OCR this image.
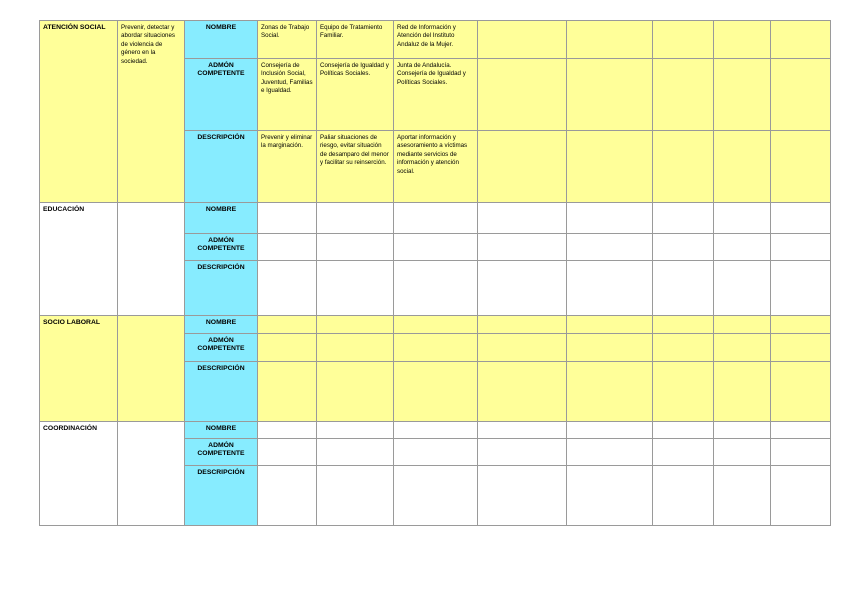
ATENCIÓN SOCIAL	Prevenir, detectar y abordar situaciones de violencia de género en la sociedad.	NOMBRE	Zonas de Trabajo Social.	Equipo de Tratamiento Familiar.	Red de Información y Atención del Instituto Andaluz de la Mujer.					
		ADMÓN COMPETENTE	Consejería de Inclusión Social, Juventud, Familias e Igualdad.	Consejería de Igualdad y Políticas Sociales.	Junta de Andalucía. Consejería de Igualdad y Políticas Sociales.					
		DESCRIPCIÓN	Prevenir y eliminar la marginación.	Paliar situaciones de riesgo, evitar situación de desamparo del menor y facilitar su reinserción.	Aportar información y asesoramiento a víctimas mediante servicios de información y atención social.					
EDUCACIÓN		NOMBRE								
		ADMÓN COMPETENTE								
		DESCRIPCIÓN								
SOCIO LABORAL		NOMBRE								
		ADMÓN COMPETENTE								
		DESCRIPCIÓN								
COORDINACIÓN		NOMBRE								
		ADMÓN COMPETENTE								
		DESCRIPCIÓN								
